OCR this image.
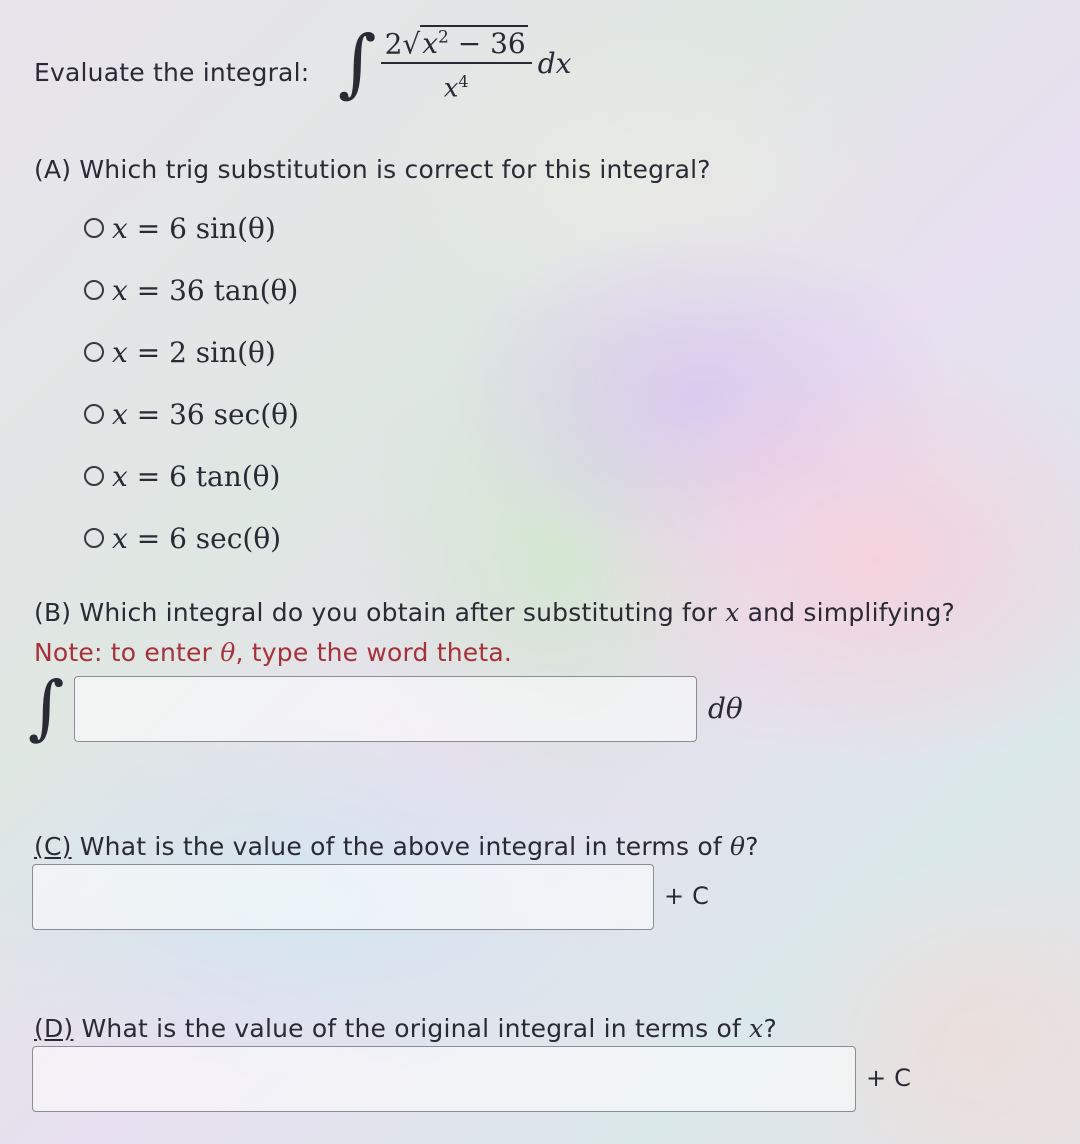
Evaluate the integral: ∫ $\frac{2√x^2 - 36}{x^4}$ dx
(A) Which trig substitution is correct for this integral?
x = 6 sin(θ)
x = 36 tan(θ)
x = 2 sin(θ)
x = 36 sec(θ)
x = 6 tan(θ)
x = 6 sec(θ)
(B) Which integral do you obtain after substituting for x and simplifying?
Note: to enter θ, type the word theta.
∫	dθ
(C) What is the value of the above integral in terms of θ?
+ C
(D) What is the value of the original integral in terms of x?
+ C
